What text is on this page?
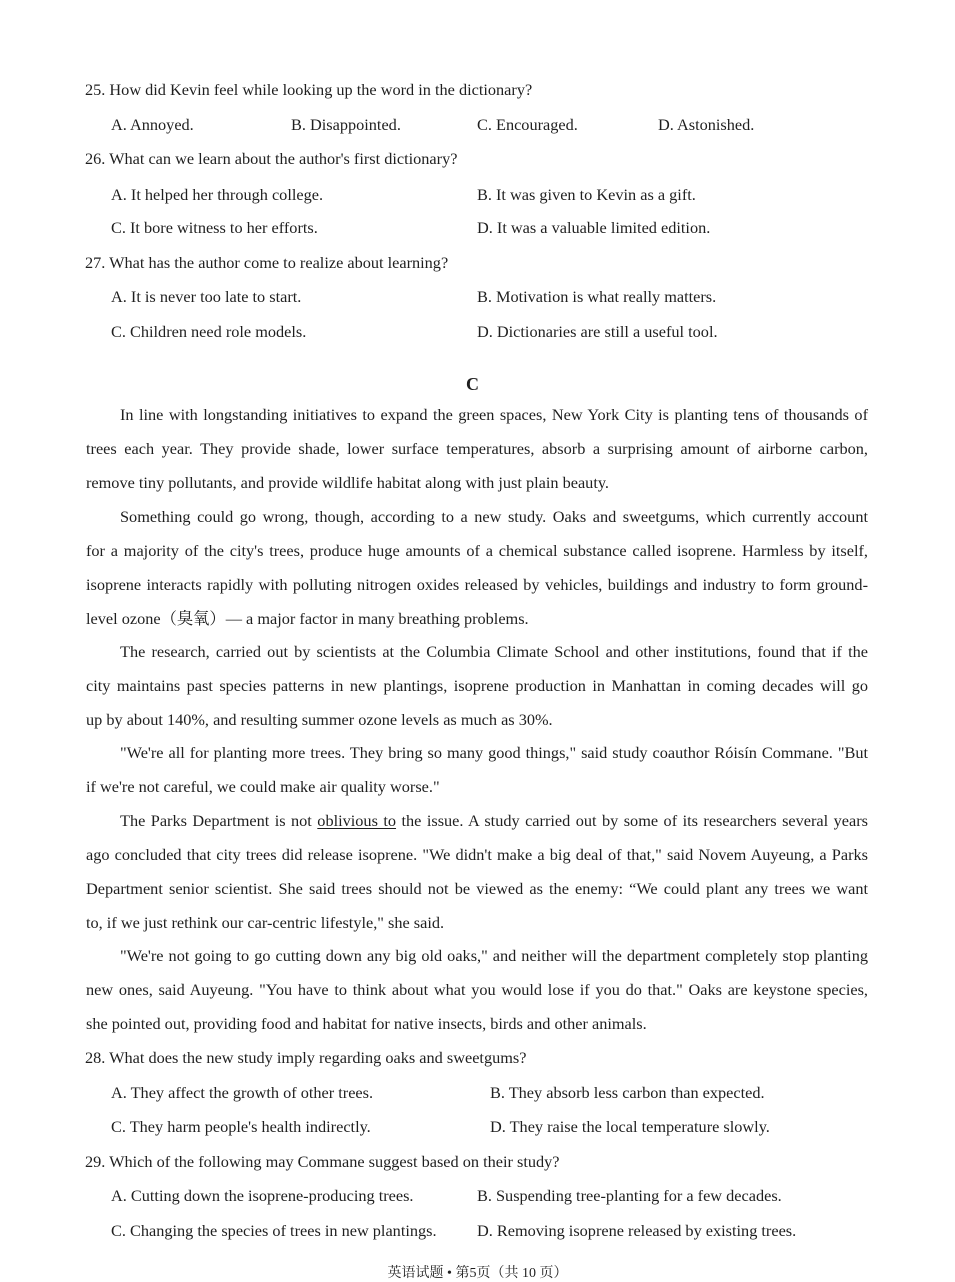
25. How did Kevin feel while looking up the word in the dictionary?
A. Annoyed.	B. Disappointed.	C. Encouraged.	D. Astonished.
26. What can we learn about the author's first dictionary?
A. It helped her through college.	B. It was given to Kevin as a gift.
C. It bore witness to her efforts.	D. It was a valuable limited edition.
27. What has the author come to realize about learning?
A. It is never too late to start.	B. Motivation is what really matters.
C. Children need role models.	D. Dictionaries are still a useful tool.
C
In line with longstanding initiatives to expand the green spaces, New York City is planting tens of thousands of
trees each year. They provide shade, lower surface temperatures, absorb a surprising amount of airborne carbon,
remove tiny pollutants, and provide wildlife habitat along with just plain beauty.
Something could go wrong, though, according to a new study. Oaks and sweetgums, which currently account
for a majority of the city's trees, produce huge amounts of a chemical substance called isoprene. Harmless by itself,
isoprene interacts rapidly with polluting nitrogen oxides released by vehicles, buildings and industry to form ground-
level ozone（臭氧）— a major factor in many breathing problems.
The research, carried out by scientists at the Columbia Climate School and other institutions, found that if the
city maintains past species patterns in new plantings, isoprene production in Manhattan in coming decades will go
up by about 140%, and resulting summer ozone levels as much as 30%.
"We're all for planting more trees. They bring so many good things," said study coauthor Róisín Commane. "But
if we're not careful, we could make air quality worse."
The Parks Department is not oblivious to the issue. A study carried out by some of its researchers several years
ago concluded that city trees did release isoprene. "We didn't make a big deal of that," said Novem Auyeung, a Parks
Department senior scientist. She said trees should not be viewed as the enemy: “We could plant any trees we want
to, if we just rethink our car-centric lifestyle," she said.
"We're not going to go cutting down any big old oaks," and neither will the department completely stop planting
new ones, said Auyeung. "You have to think about what you would lose if you do that." Oaks are keystone species,
she pointed out, providing food and habitat for native insects, birds and other animals.
28. What does the new study imply regarding oaks and sweetgums?
A. They affect the growth of other trees.	B. They absorb less carbon than expected.
C. They harm people's health indirectly.	D. They raise the local temperature slowly.
29. Which of the following may Commane suggest based on their study?
A. Cutting down the isoprene-producing trees.	B. Suspending tree-planting for a few decades.
C. Changing the species of trees in new plantings. D. Removing isoprene released by existing trees.
英语试题 • 第5页（共 10 页）
